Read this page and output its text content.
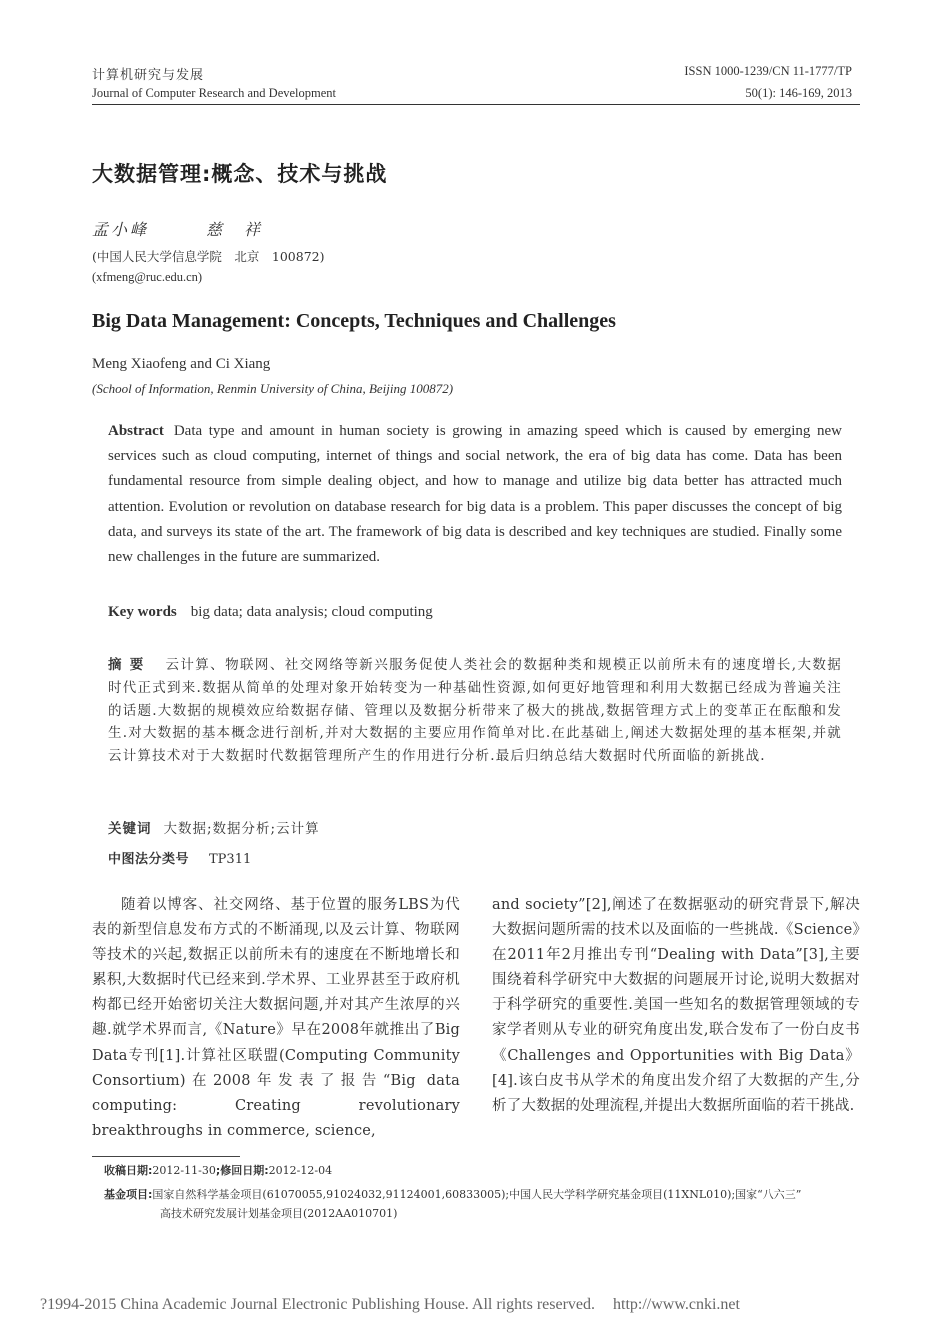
计算机研究与发展
Journal of Computer Research and Development
ISSN 1000-1239/CN 11-1777/TP
50(1): 146-169, 2013
大数据管理:概念、技术与挑战
孟小峰　　　慈　祥
(中国人民大学信息学院　北京　100872)
(xfmeng@ruc.edu.cn)
Big Data Management: Concepts, Techniques and Challenges
Meng Xiaofeng and Ci Xiang
(School of Information, Renmin University of China, Beijing 100872)
Abstract Data type and amount in human society is growing in amazing speed which is caused by emerging new services such as cloud computing, internet of things and social network, the era of big data has come. Data has been fundamental resource from simple dealing object, and how to manage and utilize big data better has attracted much attention. Evolution or revolution on database research for big data is a problem. This paper discusses the concept of big data, and surveys its state of the art. The framework of big data is described and key techniques are studied. Finally some new challenges in the future are summarized.
Key words big data; data analysis; cloud computing
摘要 云计算、物联网、社交网络等新兴服务促使人类社会的数据种类和规模正以前所未有的速度增长,大数据时代正式到来.数据从简单的处理对象开始转变为一种基础性资源,如何更好地管理和利用大数据已经成为普遍关注的话题.大数据的规模效应给数据存储、管理以及数据分析带来了极大的挑战,数据管理方式上的变革正在酝酿和发生.对大数据的基本概念进行剖析,并对大数据的主要应用作简单对比.在此基础上,阐述大数据处理的基本框架,并就云计算技术对于大数据时代数据管理所产生的作用进行分析.最后归纳总结大数据时代所面临的新挑战.
关键词 大数据;数据分析;云计算
中图法分类号 TP311
随着以博客、社交网络、基于位置的服务LBS为代表的新型信息发布方式的不断涌现,以及云计算、物联网等技术的兴起,数据正以前所未有的速度在不断地增长和累积,大数据时代已经来到.学术界、工业界甚至于政府机构都已经开始密切关注大数据问题,并对其产生浓厚的兴趣.就学术界而言,《Nature》早在2008年就推出了Big Data专刊[1].计算社区联盟(Computing Community Consortium)在2008年发表了报告“Big data computing: Creating revolutionary breakthroughs in commerce, science,
and society”[2],阐述了在数据驱动的研究背景下,解决大数据问题所需的技术以及面临的一些挑战.《Science》在2011年2月推出专刊“Dealing with Data”[3],主要围绕着科学研究中大数据的问题展开讨论,说明大数据对于科学研究的重要性.美国一些知名的数据管理领域的专家学者则从专业的研究角度出发,联合发布了一份白皮书《Challenges and Opportunities with Big Data》[4].该白皮书从学术的角度出发介绍了大数据的产生,分析了大数据的处理流程,并提出大数据所面临的若干挑战.
收稿日期:2012-11-30;修回日期:2012-12-04
基金项目:国家自然科学基金项目(61070055,91024032,91124001,60833005);中国人民大学科学研究基金项目(11XNL010);国家“八六三”
高技术研究发展计划基金项目(2012AA010701)
?1994-2015 China Academic Journal Electronic Publishing House. All rights reserved. http://www.cnki.net
